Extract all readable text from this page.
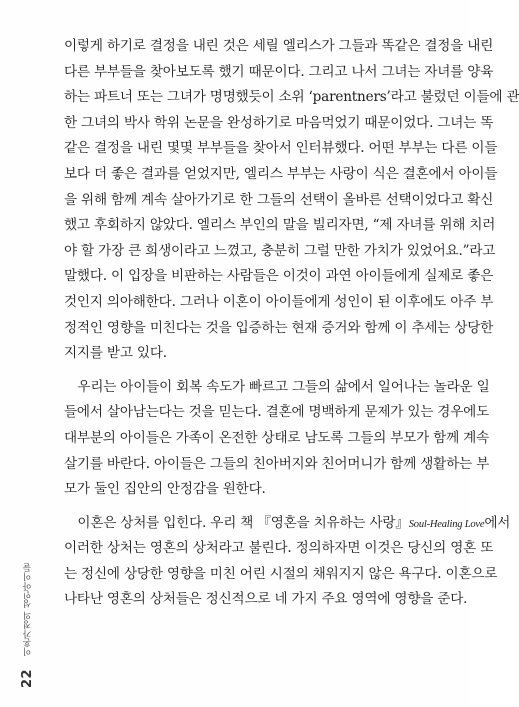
이렇게 하기로 결정을 내린 것은 세릴 엘리스가 그들과 똑같은 결정을 내린
다른 부부들을 찾아보도록 했기 때문이다. 그리고 나서 그녀는 자녀를 양육
하는 파트너 또는 그녀가 명명했듯이 소위 ‘parentners’라고 불렀던 이들에 관
한 그녀의 박사 학위 논문을 완성하기로 마음먹었기 때문이었다. 그녀는 똑
같은 결정을 내린 몇몇 부부들을 찾아서 인터뷰했다. 어떤 부부는 다른 이들
보다 더 좋은 결과를 얻었지만, 엘리스 부부는 사랑이 식은 결혼에서 아이들
을 위해 함께 계속 살아가기로 한 그들의 선택이 올바른 선택이었다고 확신
했고 후회하지 않았다. 엘리스 부인의 말을 빌리자면, “제 자녀를 위해 치러
야 할 가장 큰 희생이라고 느꼈고, 충분히 그럴 만한 가치가 있었어요.”라고
말했다. 이 입장을 비판하는 사람들은 이것이 과연 아이들에게 실제로 좋은
것인지 의아해한다. 그러나 이혼이 아이들에게 성인이 된 이후에도 아주 부
정적인 영향을 미친다는 것을 입증하는 현재 증거와 함께 이 추세는 상당한
지지를 받고 있다.
　우리는 아이들이 회복 속도가 빠르고 그들의 삶에서 일어나는 놀라운 일
들에서 살아남는다는 것을 믿는다. 결혼에 명백하게 문제가 있는 경우에도
대부분의 아이들은 가족이 온전한 상태로 남도록 그들의 부모가 함께 계속
살기를 바란다. 아이들은 그들의 친아버지와 친어머니가 함께 생활하는 부
모가 둘인 집안의 안정감을 원한다.
　이혼은 상처를 입힌다. 우리 책 『영혼을 치유하는 사랑』Soul-Healing Love에서
이러한 상처는 영혼의 상처라고 불린다. 정의하자면 이것은 당신의 영혼 또
는 정신에 상당한 영향을 미친 어린 시절의 채워지지 않은 욕구다. 이혼으로
나타난 영혼의 상처들은 정신적으로 네 가지 주요 영역에 영향을 준다.
22 이혼가정의 성인아이들
